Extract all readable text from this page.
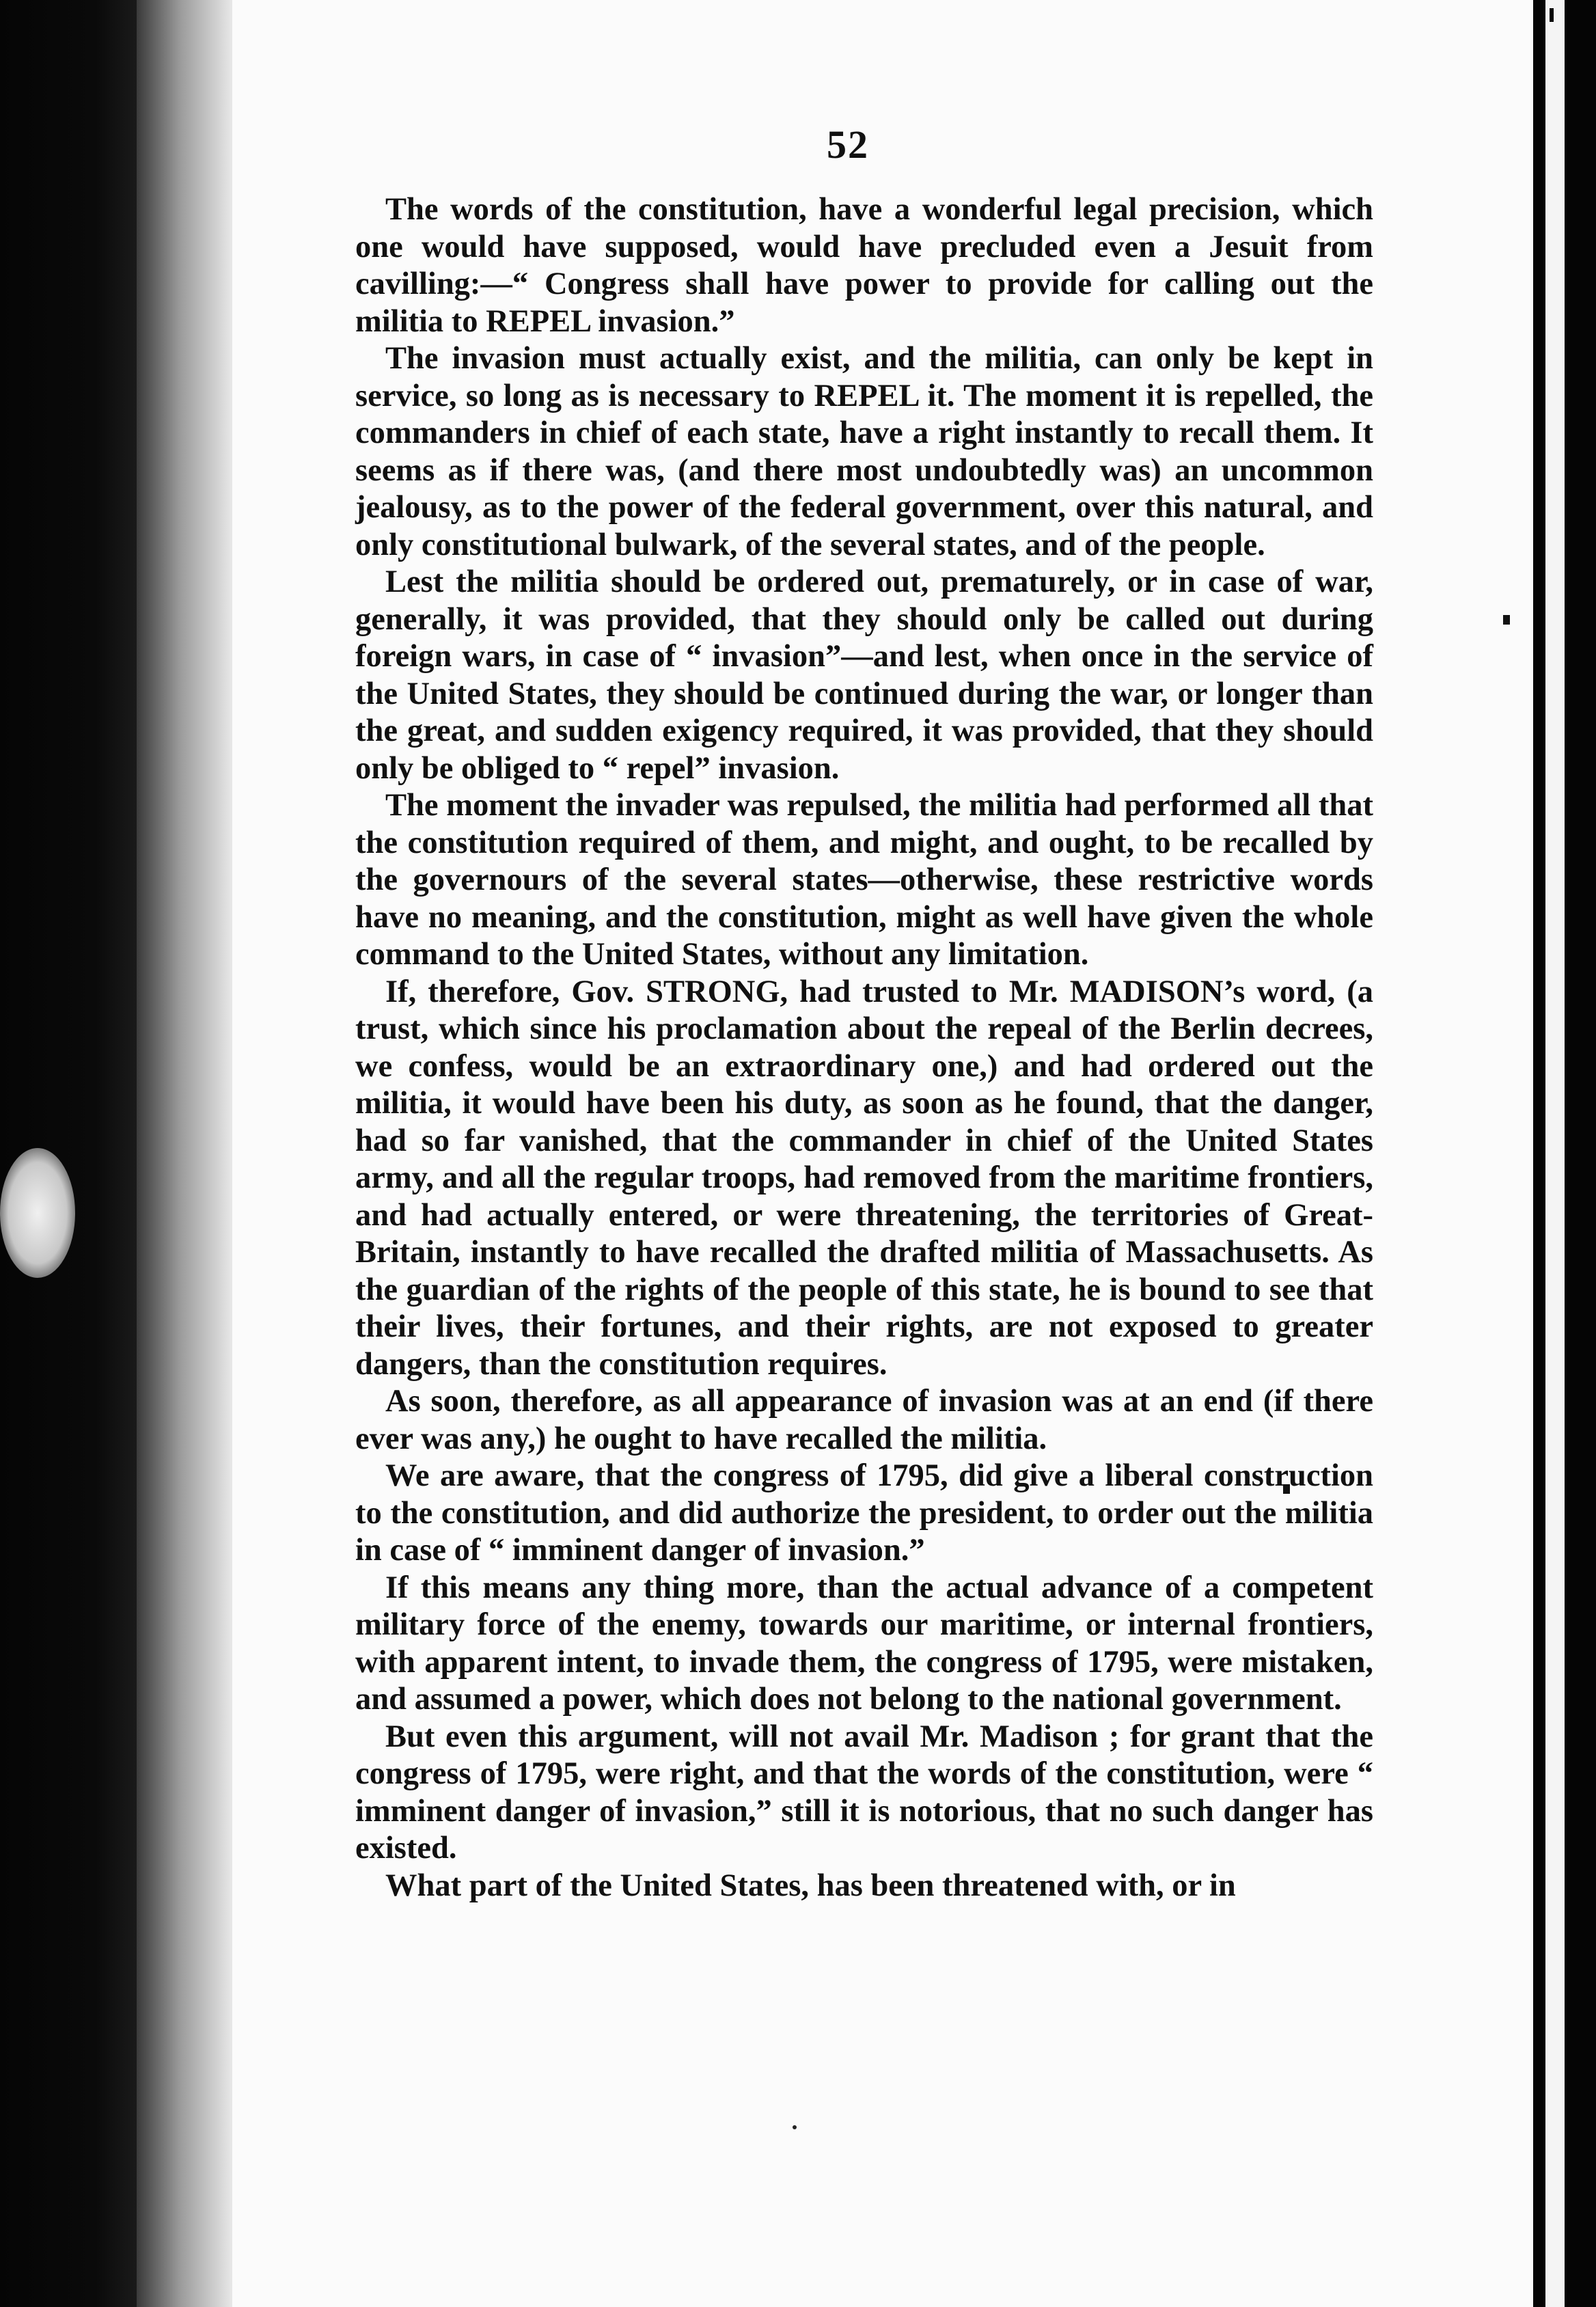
52

The words of the constitution, have a wonderful legal precision, which one would have supposed, would have precluded even a Jesuit from cavilling:—“ Congress shall have power to provide for calling out the militia to REPEL invasion.”

The invasion must actually exist, and the militia, can only be kept in service, so long as is necessary to REPEL it. The moment it is repelled, the commanders in chief of each state, have a right instantly to recall them. It seems as if there was, (and there most undoubtedly was) an uncommon jealousy, as to the power of the federal government, over this natural, and only constitutional bulwark, of the several states, and of the people.

Lest the militia should be ordered out, prematurely, or in case of war, generally, it was provided, that they should only be called out during foreign wars, in case of “ invasion”—and lest, when once in the service of the United States, they should be continued during the war, or longer than the great, and sudden exigency required, it was provided, that they should only be obliged to “ repel” invasion.

The moment the invader was repulsed, the militia had performed all that the constitution required of them, and might, and ought, to be recalled by the governours of the several states—otherwise, these restrictive words have no meaning, and the constitution, might as well have given the whole command to the United States, without any limitation.

If, therefore, Gov. STRONG, had trusted to Mr. MADISON’s word, (a trust, which since his proclamation about the repeal of the Berlin decrees, we confess, would be an extraordinary one,) and had ordered out the militia, it would have been his duty, as soon as he found, that the danger, had so far vanished, that the commander in chief of the United States army, and all the regular troops, had removed from the maritime frontiers, and had actually entered, or were threatening, the territories of Great-Britain, instantly to have recalled the drafted militia of Massachusetts. As the guardian of the rights of the people of this state, he is bound to see that their lives, their fortunes, and their rights, are not exposed to greater dangers, than the constitution requires.

As soon, therefore, as all appearance of invasion was at an end (if there ever was any,) he ought to have recalled the militia.

We are aware, that the congress of 1795, did give a liberal construction to the constitution, and did authorize the president, to order out the militia in case of “ imminent danger of invasion.”

If this means any thing more, than the actual advance of a competent military force of the enemy, towards our maritime, or internal frontiers, with apparent intent, to invade them, the congress of 1795, were mistaken, and assumed a power, which does not belong to the national government.

But even this argument, will not avail Mr. Madison ; for grant that the congress of 1795, were right, and that the words of the constitution, were “ imminent danger of invasion,” still it is notorious, that no such danger has existed.

What part of the United States, has been threatened with, or in
